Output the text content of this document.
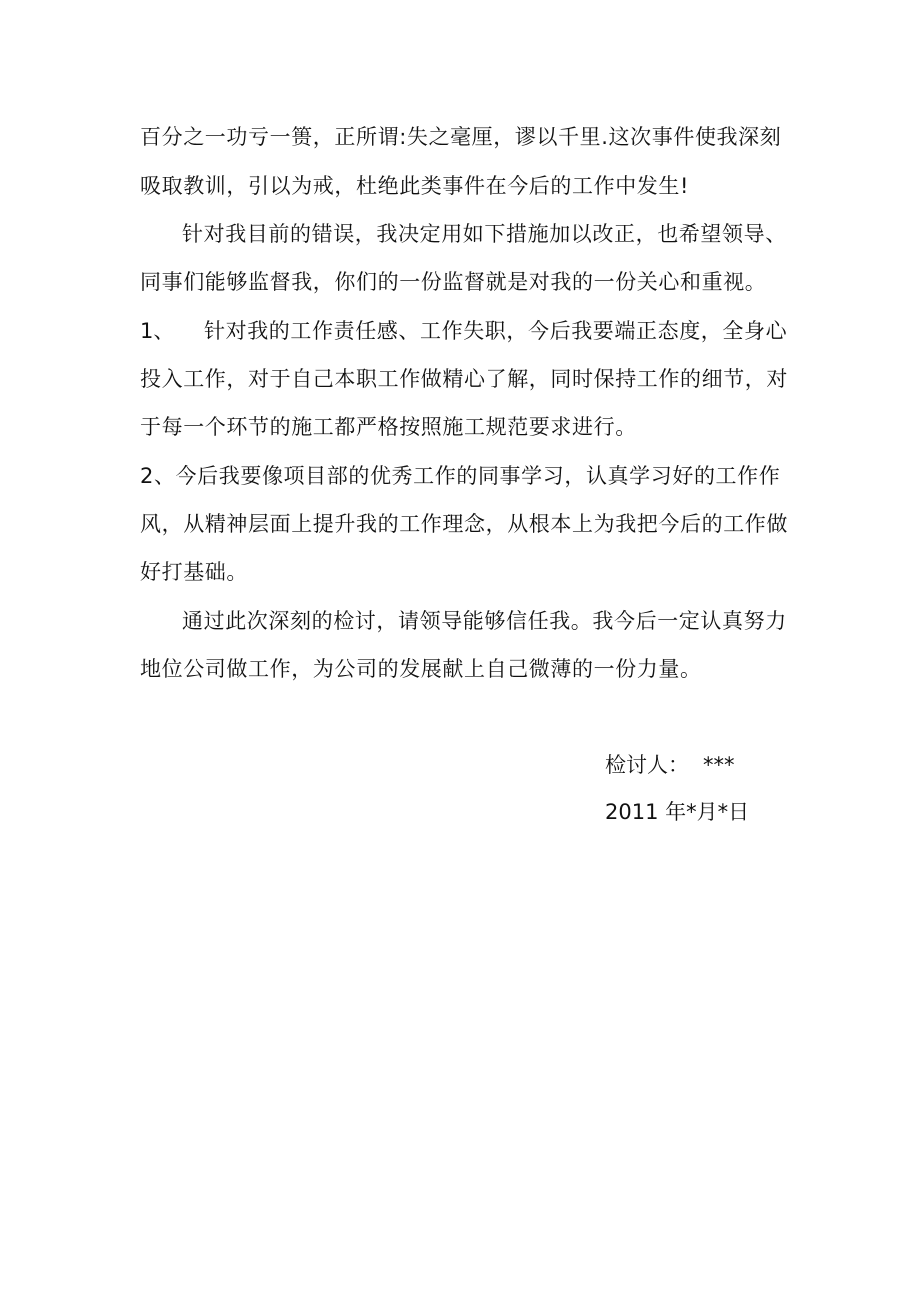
百分之一功亏一篑，正所谓:失之毫厘，谬以千里.这次事件使我深刻
吸取教训，引以为戒，杜绝此类事件在今后的工作中发生!
针对我目前的错误，我决定用如下措施加以改正，也希望领导、
同事们能够监督我，你们的一份监督就是对我的一份关心和重视。
1、 针对我的工作责任感、工作失职，今后我要端正态度，全身心
投入工作，对于自己本职工作做精心了解，同时保持工作的细节，对
于每一个环节的施工都严格按照施工规范要求进行。
2、今后我要像项目部的优秀工作的同事学习，认真学习好的工作作
风，从精神层面上提升我的工作理念，从根本上为我把今后的工作做
好打基础。
通过此次深刻的检讨，请领导能够信任我。我今后一定认真努力
地位公司做工作，为公司的发展献上自己微薄的一份力量。
检讨人： ***
2011 年*月*日
